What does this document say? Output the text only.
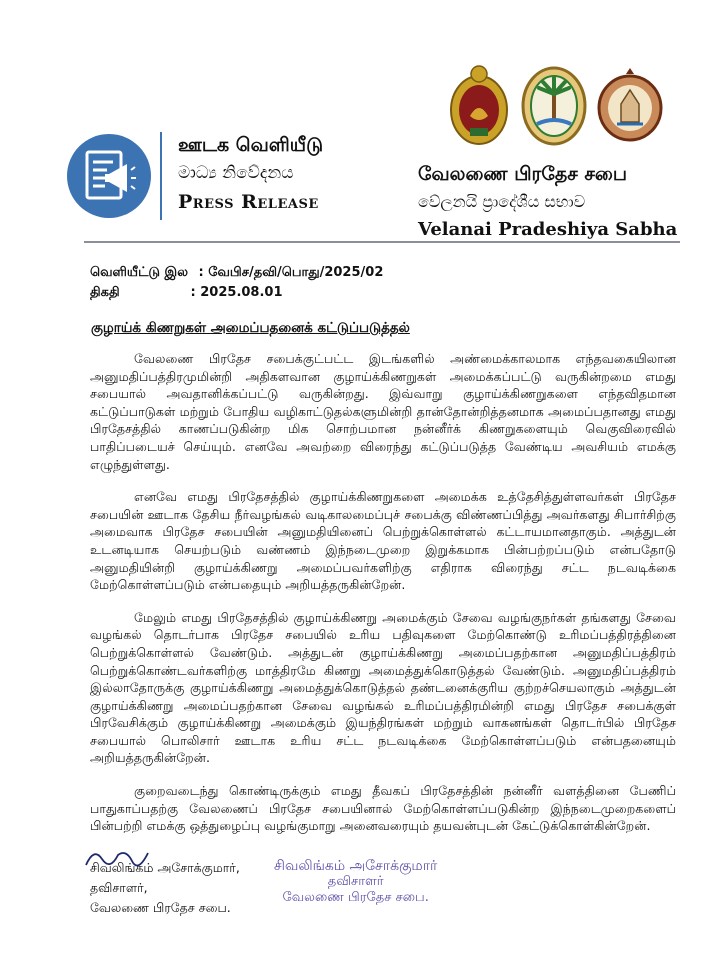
ஊடக வெளியீடு
මාධ්‍ය නිවේදනය
Press Release
வேலணை பிரதேச சபை
වේලනයි ප්‍රාදේශීය සභාව
Velanai Pradeshiya Sabha
வெளியீட்டு இல : வேபிச/தவி/பொது/2025/02
திகதி	: 2025.08.01
குழாய்க் கிணறுகள் அமைப்பதனைக் கட்டுப்படுத்தல்

வேலணை பிரதேச சபைக்குட்பட்ட இடங்களில் அண்மைக்காலமாக எந்தவகையிலான அனுமதிப்பத்திரமுமின்றி அதிகளவான குழாய்க்கிணறுகள் அமைக்கப்பட்டு வருகின்றமை எமது சபையால் அவதானிக்கப்பட்டு வருகின்றது. இவ்வாறு குழாய்க்கிணறுகளை எந்தவிதமான கட்டுப்பாடுகள் மற்றும் போதிய வழிகாட்டுதல்களுமின்றி தான்தோன்றித்தனமாக அமைப்பதானது எமது பிரதேசத்தில் காணப்படுகின்ற மிக சொற்பமான நன்னீர்க் கிணறுகளையும் வெகுவிரைவில் பாதிப்படையச் செய்யும். எனவே அவற்றை விரைந்து கட்டுப்படுத்த வேண்டிய அவசியம் எமக்கு எழுந்துள்ளது.

எனவே எமது பிரதேசத்தில் குழாய்க்கிணறுகளை அமைக்க உத்தேசித்துள்ளவர்கள் பிரதேச சபையின் ஊடாக தேசிய நீர்வழங்கல் வடிகாலமைப்புச் சபைக்கு விண்ணப்பித்து அவர்களது சிபார்சிற்கு அமைவாக பிரதேச சபையின் அனுமதியினைப் பெற்றுக்கொள்ளல் கட்டாயமானதாகும். அத்துடன் உடனடியாக செயற்படும் வண்ணம் இந்நடைமுறை இறுக்கமாக பின்பற்றப்படும் என்பதோடு அனுமதியின்றி குழாய்க்கிணறு அமைப்பவர்களிற்கு எதிராக விரைந்து சட்ட நடவடிக்கை மேற்கொள்ளப்படும் என்பதையும் அறியத்தருகின்றேன்.

மேலும் எமது பிரதேசத்தில் குழாய்க்கிணறு அமைக்கும் சேவை வழங்குநர்கள் தங்களது சேவை வழங்கல் தொடர்பாக பிரதேச சபையில் உரிய பதிவுகளை மேற்கொண்டு உரிமப்பத்திரத்தினை பெற்றுக்கொள்ளல் வேண்டும். அத்துடன் குழாய்க்கிணறு அமைப்பதற்கான அனுமதிப்பத்திரம் பெற்றுக்கொண்டவர்களிற்கு மாத்திரமே கிணறு அமைத்துக்கொடுத்தல் வேண்டும். அனுமதிப்பத்திரம் இல்லாதோருக்கு குழாய்க்கிணறு அமைத்துக்கொடுத்தல் தண்டனைக்குரிய குற்றச்செயலாகும் அத்துடன் குழாய்க்கிணறு அமைப்பதற்கான சேவை வழங்கல் உரிமப்பத்திரமின்றி எமது பிரதேச சபைக்குள் பிரவேசிக்கும் குழாய்க்கிணறு அமைக்கும் இயந்திரங்கள் மற்றும் வாகனங்கள் தொடர்பில் பிரதேச சபையால் பொலிசார் ஊடாக உரிய சட்ட நடவடிக்கை மேற்கொள்ளப்படும் என்பதனையும் அறியத்தருகின்றேன்.

குறைவடைந்து கொண்டிருக்கும் எமது தீவகப் பிரதேசத்தின் நன்னீர் வளத்தினை பேணிப் பாதுகாப்பதற்கு வேலணைப் பிரதேச சபையினால் மேற்கொள்ளப்படுகின்ற இந்நடைமுறைகளைப் பின்பற்றி எமக்கு ஒத்துழைப்பு வழங்குமாறு அனைவரையும் தயவன்புடன் கேட்டுக்கொள்கின்றேன்.

சிவலிங்கம் அசோக்குமார்,
தவிசாளர்,
வேலணை பிரதேச சபை.
சிவலிங்கம் அசோக்குமார்
தவிசாளர்
வேலணை பிரதேச சபை.
